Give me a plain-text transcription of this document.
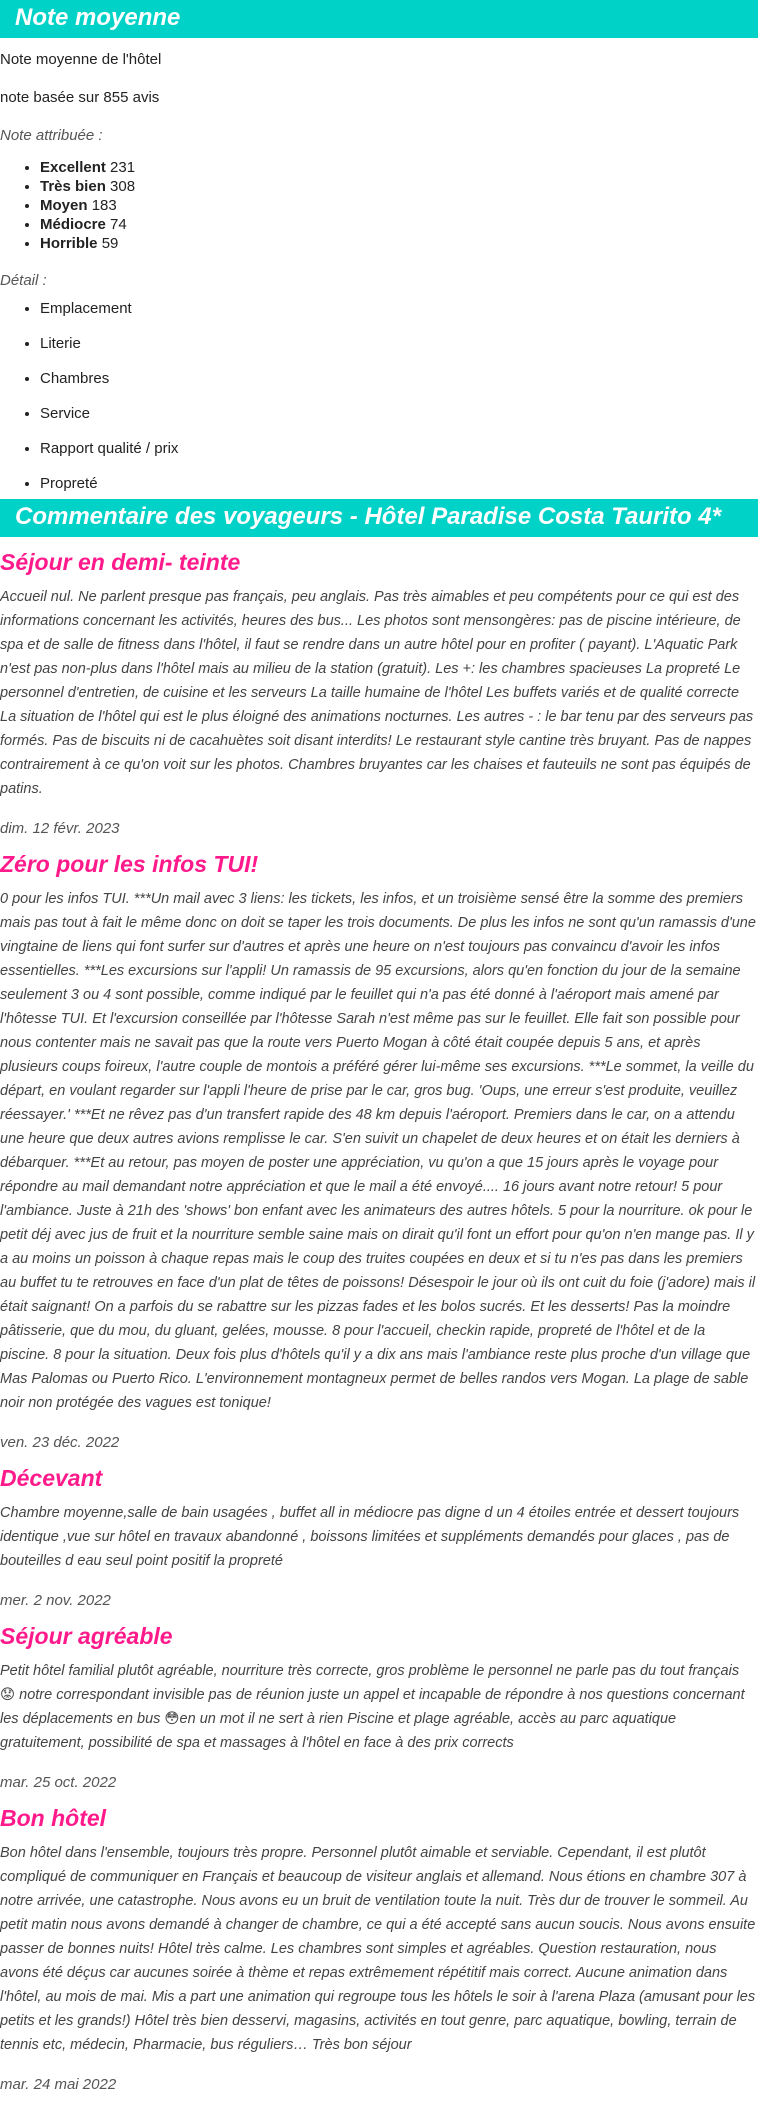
Note moyenne

Note moyenne de l'hôtel

note basée sur 855 avis

Note attribuée :

• Excellent 231
• Très bien 308
• Moyen 183
• Médiocre 74
• Horrible 59

Détail :

• Emplacement
• Literie
• Chambres
• Service
• Rapport qualité / prix
• Propreté
Commentaire des voyageurs - Hôtel Paradise Costa Taurito 4*
Séjour en demi- teinte

Accueil nul. Ne parlent presque pas français, peu anglais. Pas très aimables et peu compétents pour ce qui est des informations concernant les activités, heures des bus... Les photos sont mensongères: pas de piscine intérieure, de spa et de salle de fitness dans l'hôtel, il faut se rendre dans un autre hôtel pour en profiter ( payant). L'Aquatic Park n'est pas non-plus dans l'hôtel mais au milieu de la station (gratuit). Les +: les chambres spacieuses La propreté Le personnel d'entretien, de cuisine et les serveurs La taille humaine de l'hôtel Les buffets variés et de qualité correcte La situation de l'hôtel qui est le plus éloigné des animations nocturnes. Les autres - : le bar tenu par des serveurs pas formés. Pas de biscuits ni de cacahuètes soit disant interdits! Le restaurant style cantine très bruyant. Pas de nappes contrairement à ce qu'on voit sur les photos. Chambres bruyantes car les chaises et fauteuils ne sont pas équipés de patins.

dim. 12 févr. 2023

Zéro pour les infos TUI!

0 pour les infos TUI. ***Un mail avec 3 liens: les tickets, les infos, et un troisième sensé être la somme des premiers mais pas tout à fait le même donc on doit se taper les trois documents. De plus les infos ne sont qu'un ramassis d'une vingtaine de liens qui font surfer sur d'autres et après une heure on n'est toujours pas convaincu d'avoir les infos essentielles. ***Les excursions sur l'appli! Un ramassis de 95 excursions, alors qu'en fonction du jour de la semaine seulement 3 ou 4 sont possible, comme indiqué par le feuillet qui n'a pas été donné à l'aéroport mais amené par l'hôtesse TUI. Et l'excursion conseillée par l'hôtesse Sarah n'est même pas sur le feuillet. Elle fait son possible pour nous contenter mais ne savait pas que la route vers Puerto Mogan à côté était coupée depuis 5 ans, et après plusieurs coups foireux, l'autre couple de montois a préféré gérer lui-même ses excursions. ***Le sommet, la veille du départ, en voulant regarder sur l'appli l'heure de prise par le car, gros bug. 'Oups, une erreur s'est produite, veuillez réessayer.' ***Et ne rêvez pas d'un transfert rapide des 48 km depuis l'aéroport. Premiers dans le car, on a attendu une heure que deux autres avions remplisse le car. S'en suivit un chapelet de deux heures et on était les derniers à débarquer. ***Et au retour, pas moyen de poster une appréciation, vu qu'on a que 15 jours après le voyage pour répondre au mail demandant notre appréciation et que le mail a été envoyé.... 16 jours avant notre retour! 5 pour l'ambiance. Juste à 21h des 'shows' bon enfant avec les animateurs des autres hôtels. 5 pour la nourriture. ok pour le petit déj avec jus de fruit et la nourriture semble saine mais on dirait qu'il font un effort pour qu'on n'en mange pas. Il y a au moins un poisson à chaque repas mais le coup des truites coupées en deux et si tu n'es pas dans les premiers au buffet tu te retrouves en face d'un plat de têtes de poissons! Désespoir le jour où ils ont cuit du foie (j'adore) mais il était saignant! On a parfois du se rabattre sur les pizzas fades et les bolos sucrés. Et les desserts! Pas la moindre pâtisserie, que du mou, du gluant, gelées, mousse. 8 pour l'accueil, checkin rapide, propreté de l'hôtel et de la piscine. 8 pour la situation. Deux fois plus d'hôtels qu'il y a dix ans mais l'ambiance reste plus proche d'un village que Mas Palomas ou Puerto Rico. L'environnement montagneux permet de belles randos vers Mogan. La plage de sable noir non protégée des vagues est tonique!

ven. 23 déc. 2022

Décevant

Chambre moyenne,salle de bain usagées , buffet all in médiocre pas digne d un 4 étoiles entrée et dessert toujours identique ,vue sur hôtel en travaux abandonné , boissons limitées et suppléments demandés pour glaces , pas de bouteilles d eau seul point positif la propreté

mer. 2 nov. 2022

Séjour agréable

Petit hôtel familial plutôt agréable, nourriture très correcte, gros problème le personnel ne parle pas du tout français 😟 notre correspondant invisible pas de réunion juste un appel et incapable de répondre à nos questions concernant les déplacements en bus 😳en un mot il ne sert à rien Piscine et plage agréable, accès au parc aquatique gratuitement, possibilité de spa et massages à l'hôtel en face à des prix corrects

mar. 25 oct. 2022

Bon hôtel

Bon hôtel dans l'ensemble, toujours très propre. Personnel plutôt aimable et serviable. Cependant, il est plutôt compliqué de communiquer en Français et beaucoup de visiteur anglais et allemand. Nous étions en chambre 307 à notre arrivée, une catastrophe. Nous avons eu un bruit de ventilation toute la nuit. Très dur de trouver le sommeil. Au petit matin nous avons demandé à changer de chambre, ce qui a été accepté sans aucun soucis. Nous avons ensuite passer de bonnes nuits! Hôtel très calme. Les chambres sont simples et agréables. Question restauration, nous avons été déçus car aucunes soirée à thème et repas extrêmement répétitif mais correct. Aucune animation dans l'hôtel, au mois de mai. Mis a part une animation qui regroupe tous les hôtels le soir à l'arena Plaza (amusant pour les petits et les grands!) Hôtel très bien desservi, magasins, activités en tout genre, parc aquatique, bowling, terrain de tennis etc, médecin, Pharmacie, bus réguliers… Très bon séjour

mar. 24 mai 2022
